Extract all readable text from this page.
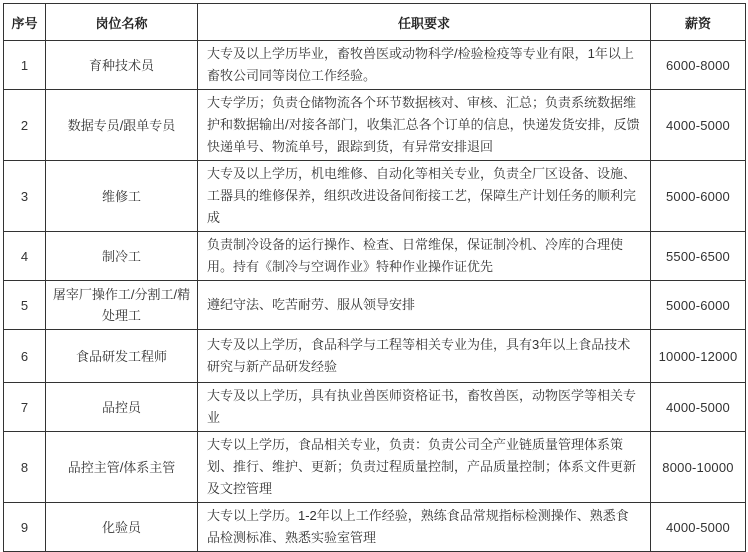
序号	岗位名称	任职要求	薪资
1	育种技术员	大专及以上学历毕业，畜牧兽医或动物科学/检验检疫等专业有限，1年以上畜牧公司同等岗位工作经验。	6000-8000
2	数据专员/跟单专员	大专学历；负责仓储物流各个环节数据核对、审核、汇总；负责系统数据维护和数据输出/对接各部门，收集汇总各个订单的信息，快递发货安排，反馈快递单号、物流单号，跟踪到货，有异常安排退回	4000-5000
3	维修工	大专及以上学历，机电维修、自动化等相关专业，负责全厂区设备、设施、工器具的维修保养，组织改进设备间衔接工艺，保障生产计划任务的顺利完成	5000-6000
4	制冷工	负责制冷设备的运行操作、检查、日常维保，保证制冷机、冷库的合理使用。持有《制冷与空调作业》特种作业操作证优先	5500-6500
5	屠宰厂操作工/分割工/精处理工	遵纪守法、吃苦耐劳、服从领导安排	5000-6000
6	食品研发工程师	大专及以上学历，食品科学与工程等相关专业为佳，具有3年以上食品技术研究与新产品研发经验	10000-12000
7	品控员	大专及以上学历，具有执业兽医师资格证书，畜牧兽医，动物医学等相关专业	4000-5000
8	品控主管/体系主管	大专以上学历，食品相关专业，负责：负责公司全产业链质量管理体系策划、推行、维护、更新；负责过程质量控制，产品质量控制；体系文件更新及文控管理	8000-10000
9	化验员	大专以上学历。1-2年以上工作经验，熟练食品常规指标检测操作、熟悉食品检测标准、熟悉实验室管理	4000-5000
